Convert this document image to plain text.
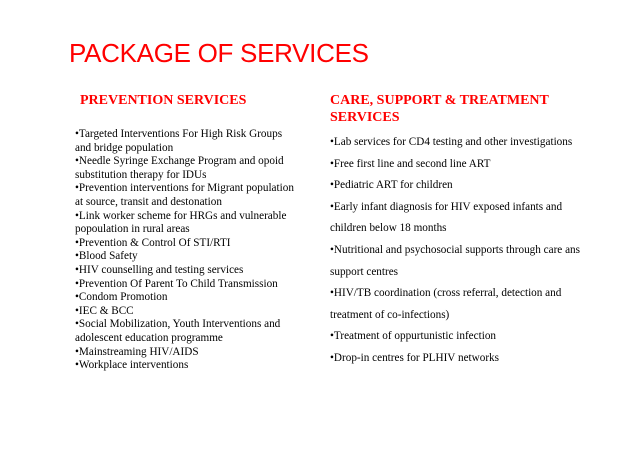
PACKAGE OF SERVICES
PREVENTION SERVICES
•Targeted Interventions For High Risk Groups and bridge population
•Needle Syringe Exchange Program and opoid substitution therapy for IDUs
•Prevention interventions for Migrant population at source, transit and destonation
•Link worker scheme for HRGs and vulnerable popoulation in rural areas
•Prevention & Control Of STI/RTI
•Blood Safety
•HIV counselling and testing services
•Prevention Of Parent To Child Transmission
•Condom Promotion
•IEC & BCC
•Social Mobilization, Youth Interventions and adolescent education programme
•Mainstreaming HIV/AIDS
•Workplace interventions
CARE, SUPPORT & TREATMENT SERVICES
•Lab services for CD4 testing and other investigations
•Free first line and second line ART
•Pediatric ART for children
•Early infant diagnosis for HIV exposed infants and children below 18 months
•Nutritional and psychosocial supports through care ans support centres
•HIV/TB coordination (cross referral, detection and treatment of co-infections)
•Treatment of oppurtunistic infection
•Drop-in centres for PLHIV networks
